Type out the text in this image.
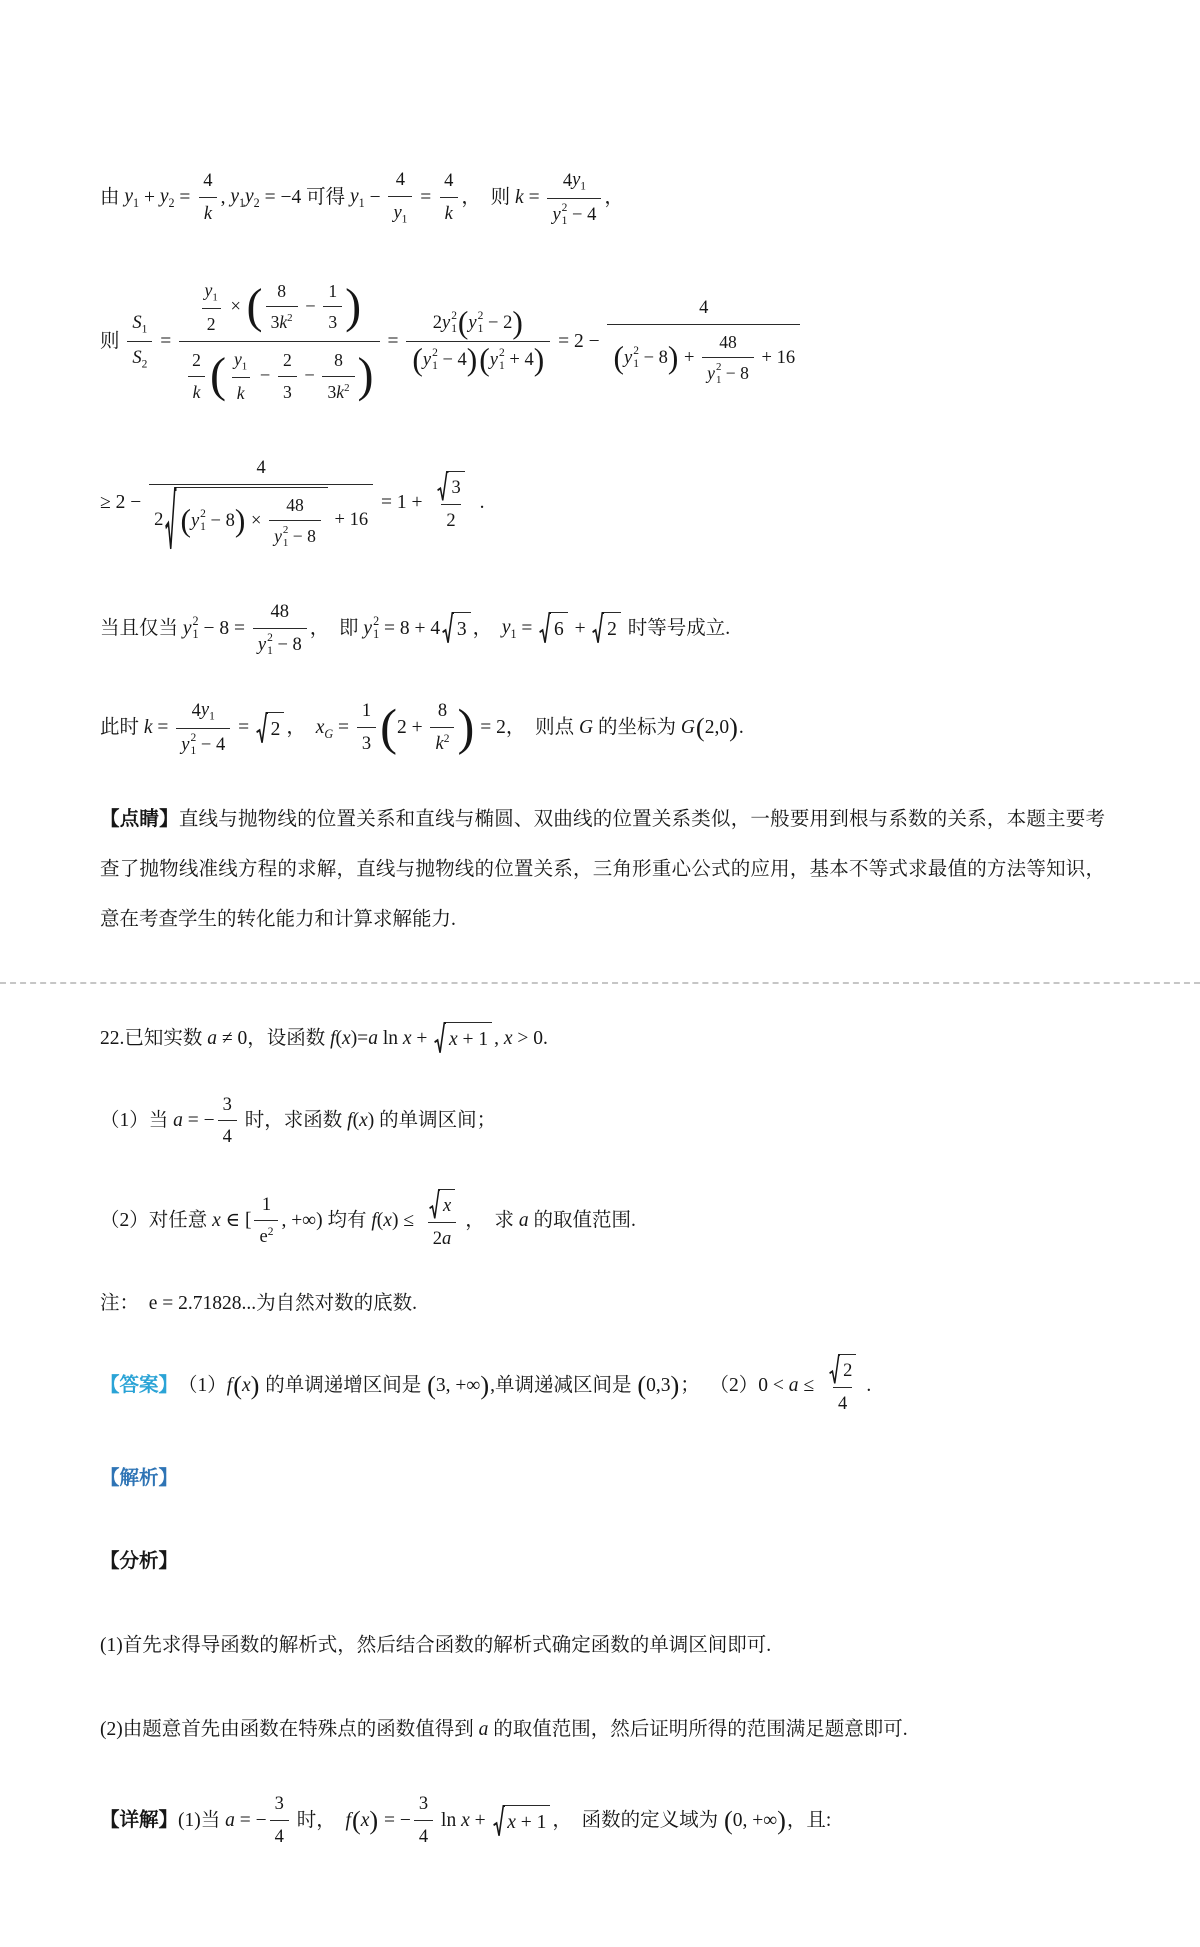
由 $y_1 + y_2 = \frac{4}{k}$ , $y_1$ $y_2 = -4$ 可得 $y_1 - \frac{4}{y_1} = \frac{4}{k}$ ，  则 k = 4 $y_1$
y 2
1 − 4 ，
则 $\frac{S_1}{S_2} = \frac{\frac{y_1}{2} \times ( \frac{8}{3 k^2} - \frac{1}{3} )}{\frac{2}{k} ( \frac{y_1}{k} - \frac{2}{3} - \frac{8}{3 k^2} )} = 2$ y 2
1 ( y 2
1 − 2 )
( y 2
1 − 4 ) ( y 2
1 + 4 ) = 2 − 4
( y 2
1 − 8 ) + 48
y 2
1 − 8 + 16
≥ 2 − 4
2 ( y 2
1 − 8 ) × 48
y 2
$1 - 8 + 16 = 1 + \frac{3}{2}$ .
当且仅当 y 2
1 − 8 = 48
y 2
1 − 8 ，  即 y 2
1 = 8 + 4 3 ， $y_1 = 6 + 2$ 时等号成立.
此时 k = 4 $y_1$
y 2
1 − 4 = 2 ， $x_G = \frac{1}{3}$ ( $2 + \frac{8}{k^2}$ ) = 2 ，  则点 G 的坐标为 G ( 2,0 ) .

【点睛】直线与抛物线的位置关系和直线与椭圆、双曲线的位置关系类似，一般要用到根与系数的关系，本题主要考查了抛物线准线方程的求解，直线与抛物线的位置关系，三角形重心公式的应用，基本不等式求最值的方法等知识，意在考查学生的转化能力和计算求解能力.

22.已知实数 a ≠ 0 ，设函数 f ( x )= a ln x + x + 1 , x > 0.
（1）当 a = − $\frac{3}{4}$ 时，求函数 f ( x ) 的单调区间；
（2）对任意 x ∈ [ $\frac{1}{e^2}$ , +∞) 均有 f ( x ) ≤ $\frac{x}{2 a}$ ，  求 a 的取值范围.
注： e = 2.71828... 为自然对数的底数.
【答案】 （1） f ( x ) 的单调递增区间是 ( 3, +∞ ) , 单调递减区间是 ( 0,3 ) ；  （2） $0 < a \le \frac{2}{4}$ .
【解析】
【分析】

(1)首先求得导函数的解析式，然后结合函数的解析式确定函数的单调区间即可.

(2)由题意首先由函数在特殊点的函数值得到 a 的取值范围，然后证明所得的范围满足题意即可.

【详解】 (1)当 a = − $\frac{3}{4}$ 时， f ( x ) = − $\frac{3}{4}$ ln x + x + 1 ，  函数的定义域为 ( 0, +∞ ) ，且:
